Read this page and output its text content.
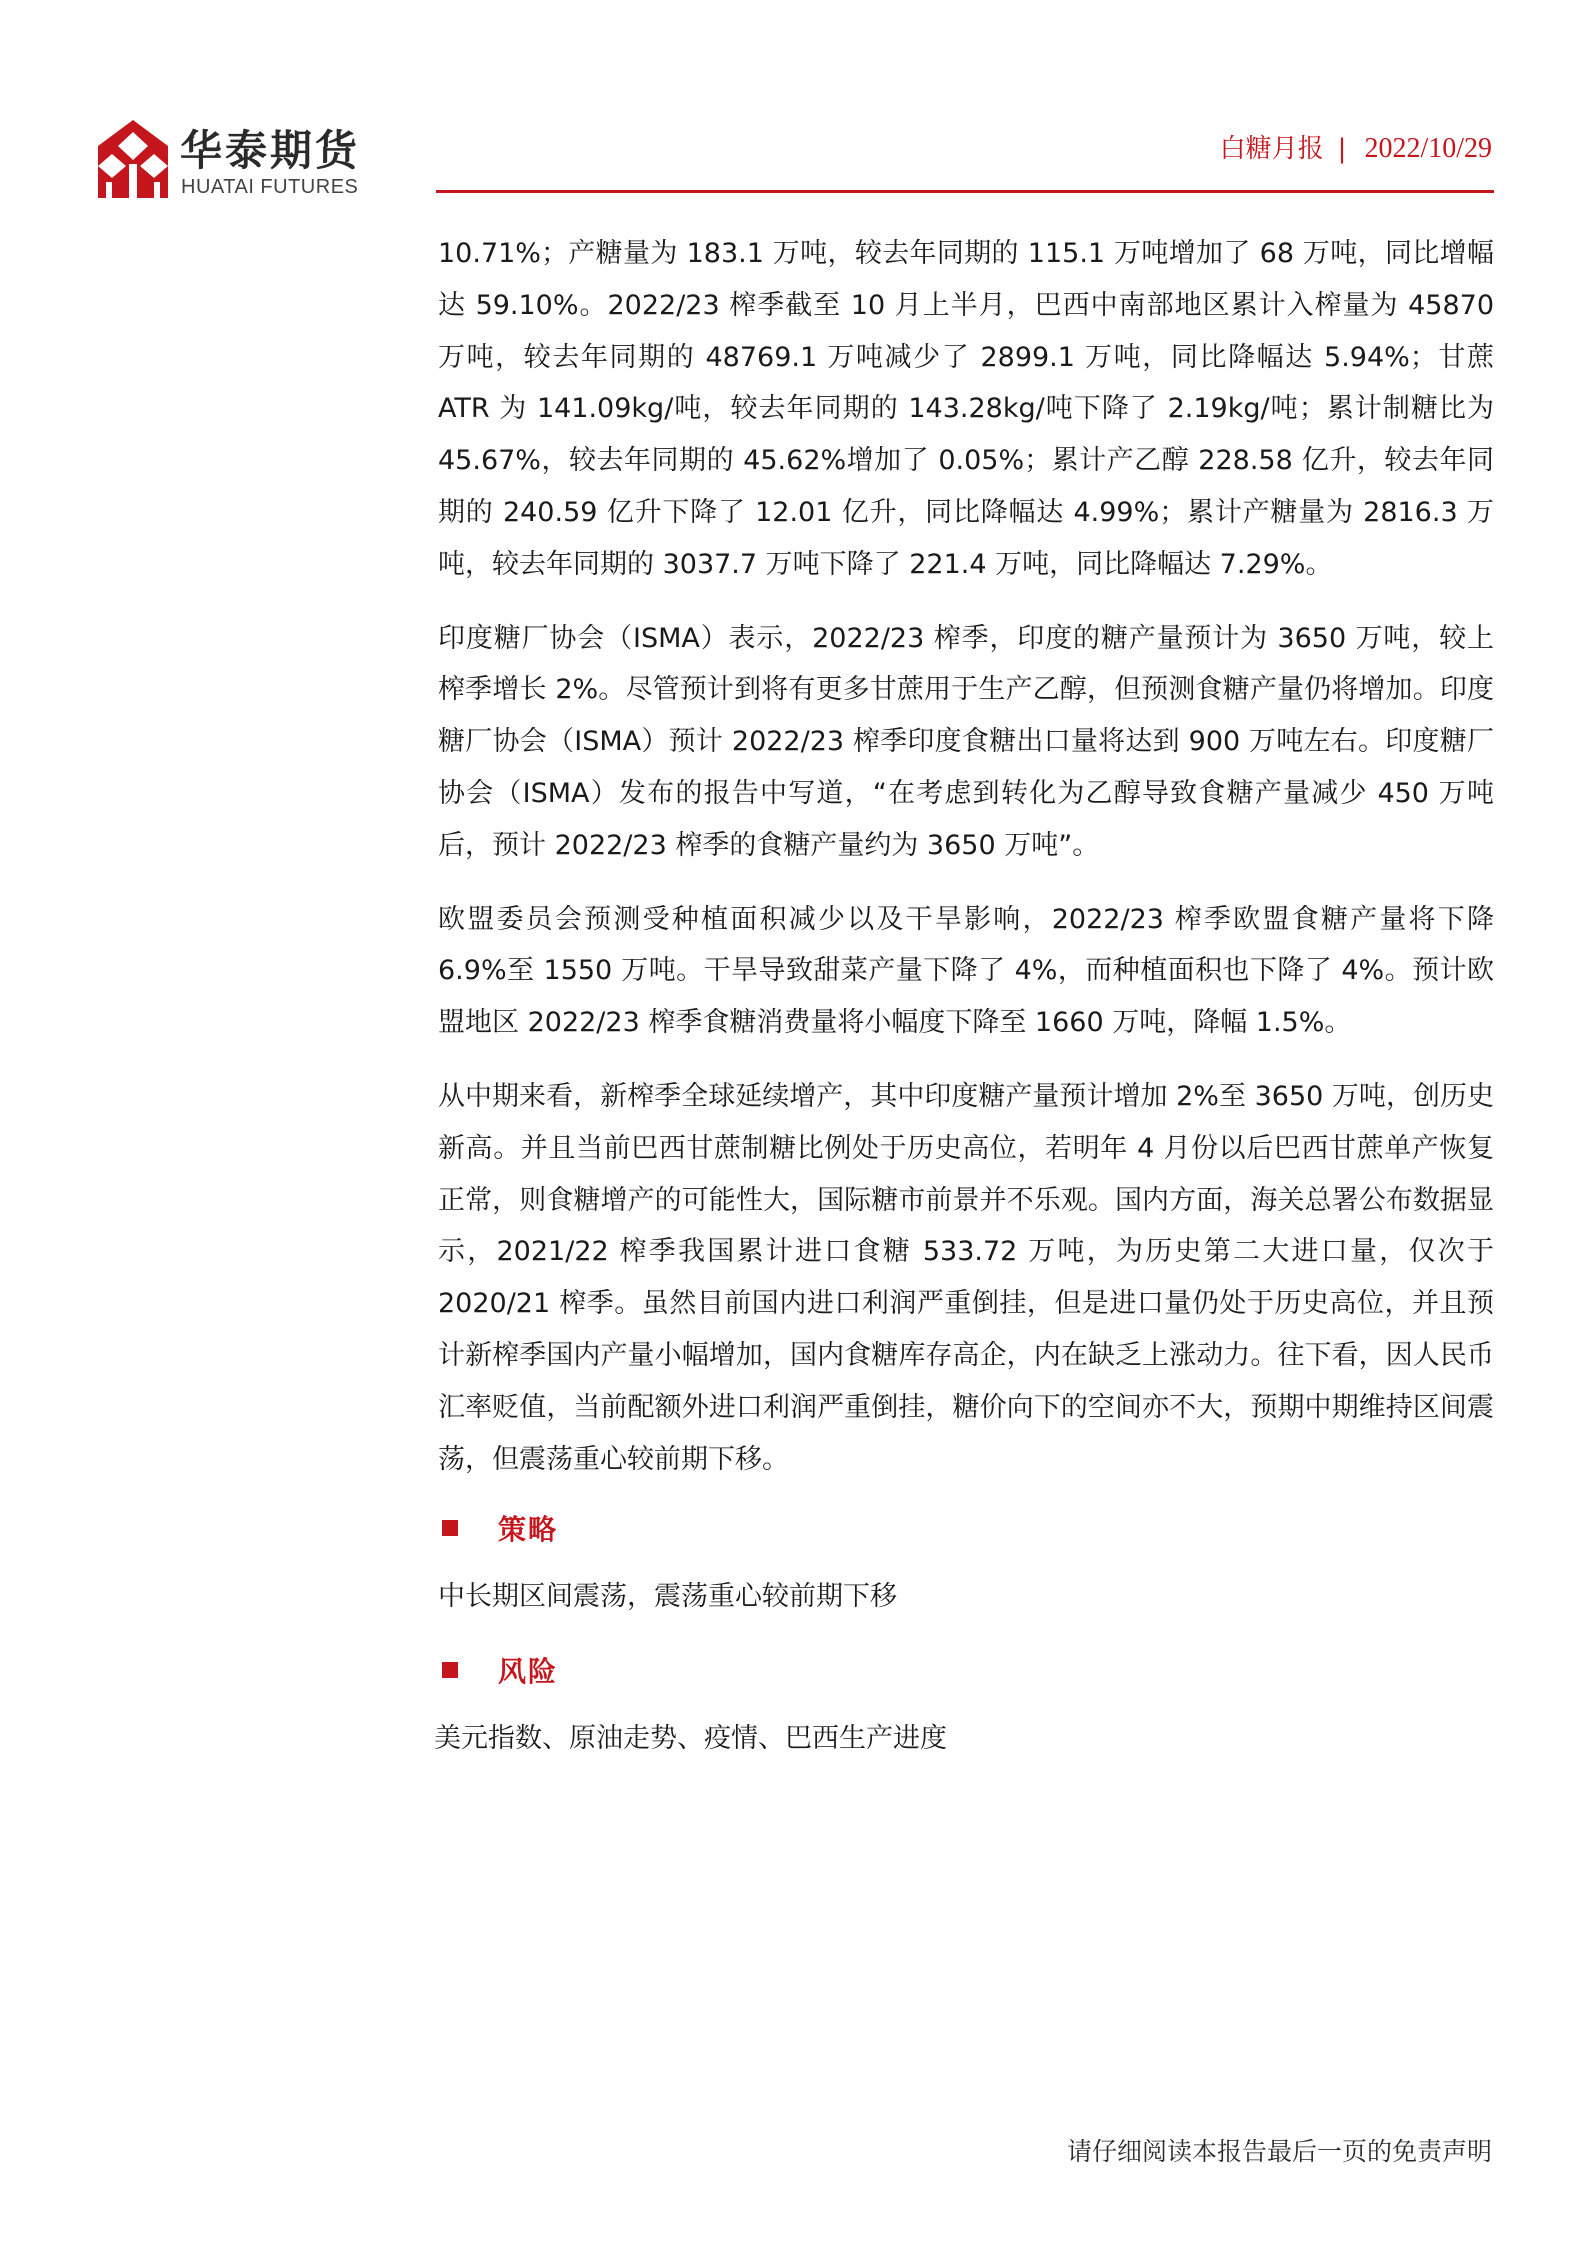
华泰期货
HUATAI FUTURES
白糖月报 | 2022/10/29

10.71%；产糖量为 183.1 万吨，较去年同期的 115.1 万吨增加了 68 万吨，同比增幅达 59.10%。2022/23 榨季截至 10 月上半月，巴西中南部地区累计入榨量为 45870 万吨，较去年同期的 48769.1 万吨减少了 2899.1 万吨，同比降幅达 5.94%；甘蔗 ATR 为 141.09kg/吨，较去年同期的 143.28kg/吨下降了 2.19kg/吨；累计制糖比为 45.67%，较去年同期的 45.62%增加了 0.05%；累计产乙醇 228.58 亿升，较去年同期的 240.59 亿升下降了 12.01 亿升，同比降幅达 4.99%；累计产糖量为 2816.3 万吨，较去年同期的 3037.7 万吨下降了 221.4 万吨，同比降幅达 7.29%。

印度糖厂协会（ISMA）表示，2022/23 榨季，印度的糖产量预计为 3650 万吨，较上榨季增长 2%。尽管预计到将有更多甘蔗用于生产乙醇，但预测食糖产量仍将增加。印度糖厂协会（ISMA）预计 2022/23 榨季印度食糖出口量将达到 900 万吨左右。印度糖厂协会（ISMA）发布的报告中写道，“在考虑到转化为乙醇导致食糖产量减少 450 万吨后，预计 2022/23 榨季的食糖产量约为 3650 万吨”。

欧盟委员会预测受种植面积减少以及干旱影响，2022/23 榨季欧盟食糖产量将下降 6.9%至 1550 万吨。干旱导致甜菜产量下降了 4%，而种植面积也下降了 4%。预计欧盟地区 2022/23 榨季食糖消费量将小幅度下降至 1660 万吨，降幅 1.5%。

从中期来看，新榨季全球延续增产，其中印度糖产量预计增加 2%至 3650 万吨，创历史新高。并且当前巴西甘蔗制糖比例处于历史高位，若明年 4 月份以后巴西甘蔗单产恢复正常，则食糖增产的可能性大，国际糖市前景并不乐观。国内方面，海关总署公布数据显示，2021/22 榨季我国累计进口食糖 533.72 万吨，为历史第二大进口量，仅次于 2020/21 榨季。虽然目前国内进口利润严重倒挂，但是进口量仍处于历史高位，并且预计新榨季国内产量小幅增加，国内食糖库存高企，内在缺乏上涨动力。往下看，因人民币汇率贬值，当前配额外进口利润严重倒挂，糖价向下的空间亦不大，预期中期维持区间震荡，但震荡重心较前期下移。

策略
中长期区间震荡，震荡重心较前期下移
风险
美元指数、原油走势、疫情、巴西生产进度
请仔细阅读本报告最后一页的免责声明
